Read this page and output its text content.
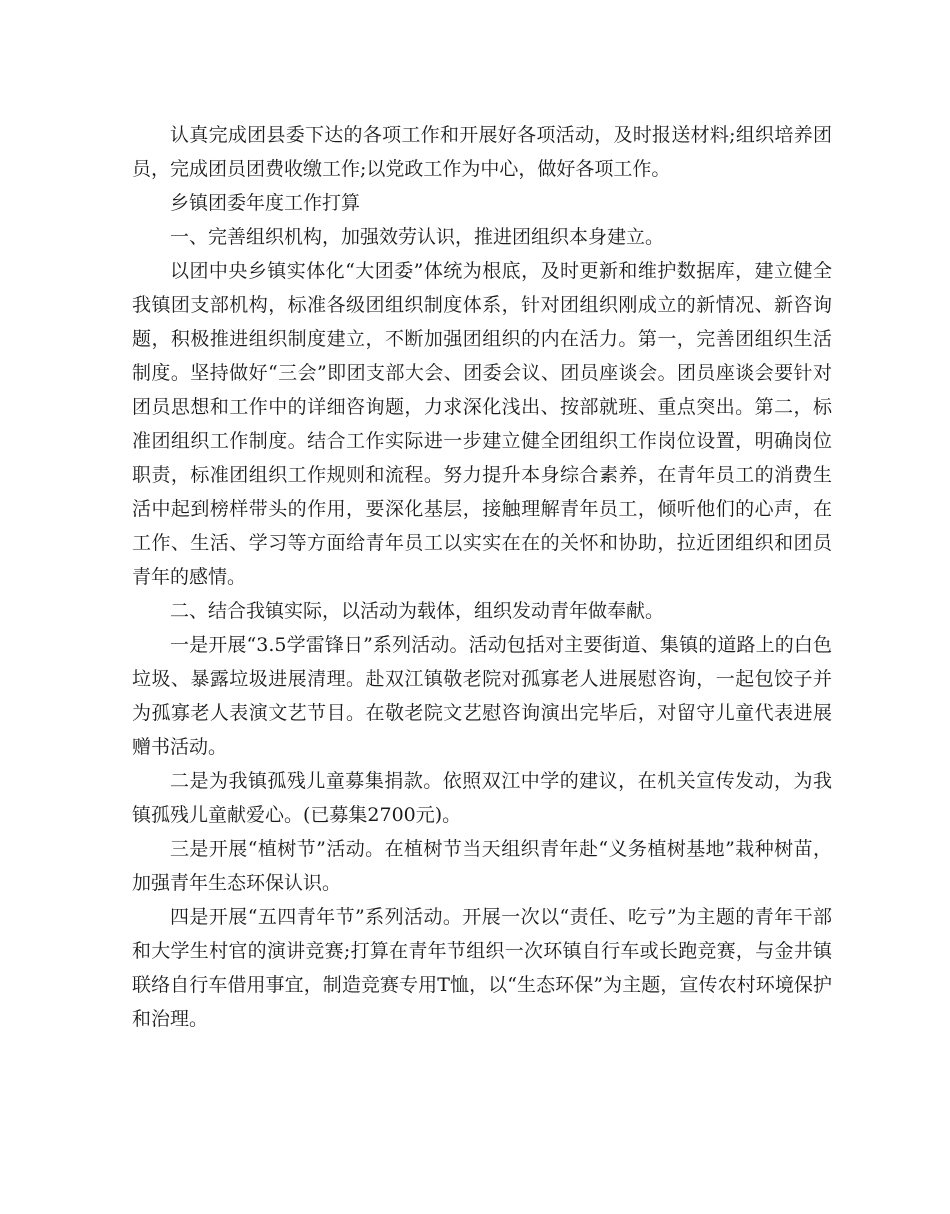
认真完成团县委下达的各项工作和开展好各项活动，及时报送材料;组织培养团员，完成团员团费收缴工作;以党政工作为中心，做好各项工作。

乡镇团委年度工作打算

一、完善组织机构，加强效劳认识，推进团组织本身建立。

以团中央乡镇实体化“大团委”体统为根底，及时更新和维护数据库，建立健全我镇团支部机构，标准各级团组织制度体系，针对团组织刚成立的新情况、新咨询题，积极推进组织制度建立，不断加强团组织的内在活力。第一，完善团组织生活制度。坚持做好“三会”即团支部大会、团委会议、团员座谈会。团员座谈会要针对团员思想和工作中的详细咨询题，力求深化浅出、按部就班、重点突出。第二，标准团组织工作制度。结合工作实际进一步建立健全团组织工作岗位设置，明确岗位职责，标准团组织工作规则和流程。努力提升本身综合素养，在青年员工的消费生活中起到榜样带头的作用，要深化基层，接触理解青年员工，倾听他们的心声，在工作、生活、学习等方面给青年员工以实实在在的关怀和协助，拉近团组织和团员青年的感情。

二、结合我镇实际，以活动为载体，组织发动青年做奉献。

一是开展“3.5学雷锋日”系列活动。活动包括对主要街道、集镇的道路上的白色垃圾、暴露垃圾进展清理。赴双江镇敬老院对孤寡老人进展慰咨询，一起包饺子并为孤寡老人表演文艺节目。在敬老院文艺慰咨询演出完毕后，对留守儿童代表进展赠书活动。

二是为我镇孤残儿童募集捐款。依照双江中学的建议，在机关宣传发动，为我镇孤残儿童献爱心。(已募集2700元)。

三是开展“植树节”活动。在植树节当天组织青年赴“义务植树基地”栽种树苗，加强青年生态环保认识。

四是开展“五四青年节”系列活动。开展一次以“责任、吃亏”为主题的青年干部和大学生村官的演讲竞赛;打算在青年节组织一次环镇自行车或长跑竞赛，与金井镇联络自行车借用事宜，制造竞赛专用T恤，以“生态环保”为主题，宣传农村环境保护和治理。
